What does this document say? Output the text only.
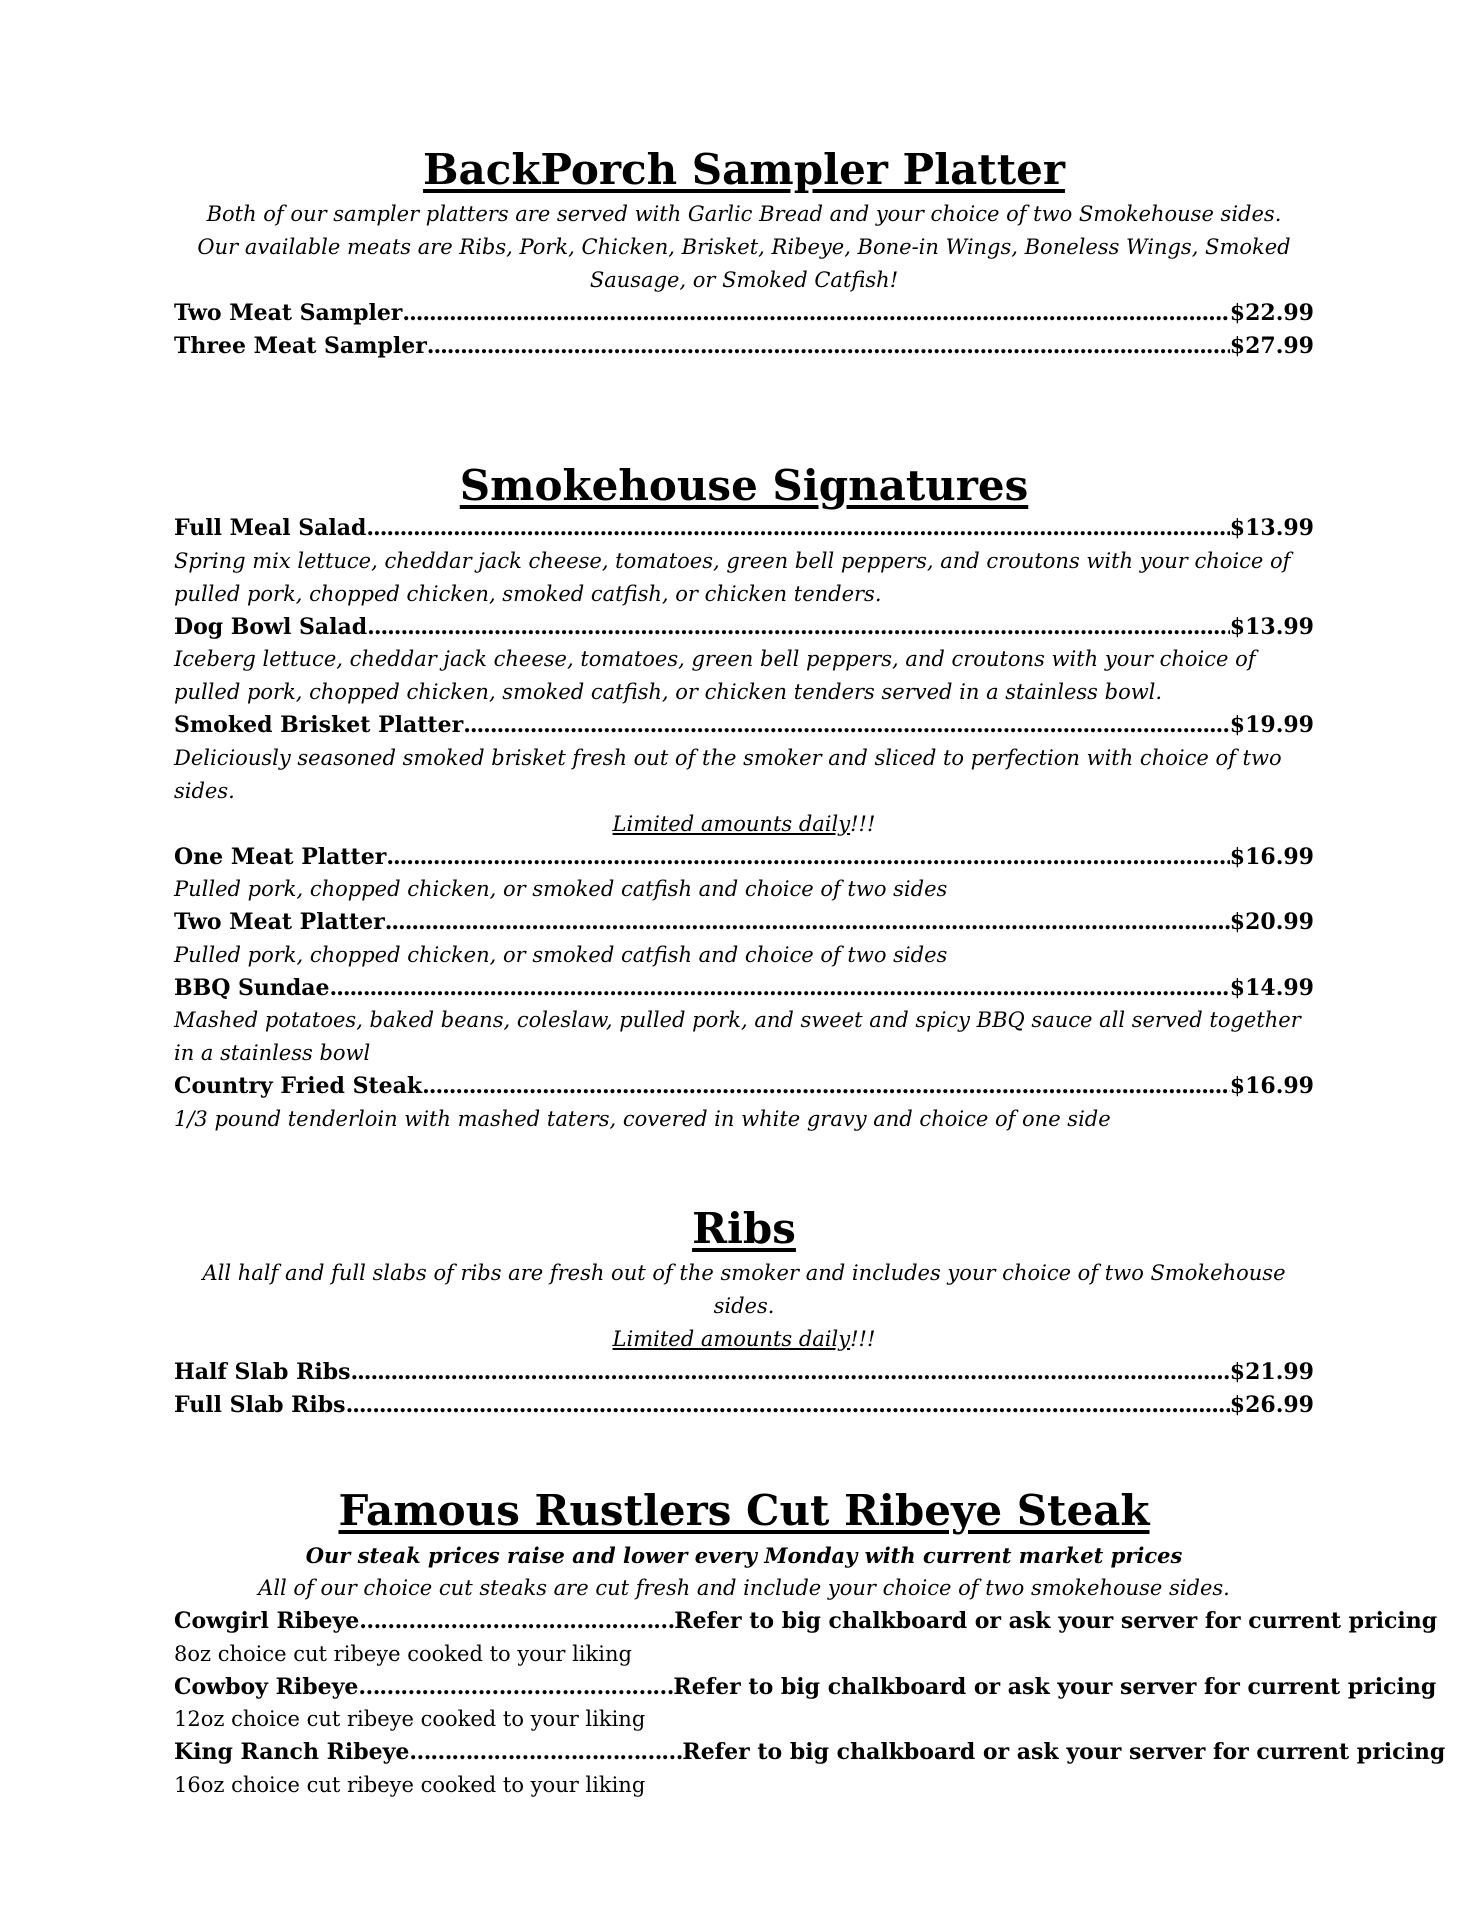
BackPorch Sampler Platter
Both of our sampler platters are served with Garlic Bread and your choice of two Smokehouse sides. Our available meats are Ribs, Pork, Chicken, Brisket, Ribeye, Bone-in Wings, Boneless Wings, Smoked Sausage, or Smoked Catfish!
Two Meat Sampler .....	$22.99
Three Meat Sampler .....	$27.99
Smokehouse Signatures
Full Meal Salad .....	$13.99
Spring mix lettuce, cheddar jack cheese, tomatoes, green bell peppers, and croutons with your choice of pulled pork, chopped chicken, smoked catfish, or chicken tenders.
Dog Bowl Salad .....	$13.99
Iceberg lettuce, cheddar jack cheese, tomatoes, green bell peppers, and croutons with your choice of pulled pork, chopped chicken, smoked catfish, or chicken tenders served in a stainless bowl.
Smoked Brisket Platter .....	$19.99
Deliciously seasoned smoked brisket fresh out of the smoker and sliced to perfection with choice of two sides.
Limited amounts daily!!!
One Meat Platter .....	$16.99
Pulled pork, chopped chicken, or smoked catfish and choice of two sides
Two Meat Platter .....	$20.99
Pulled pork, chopped chicken, or smoked catfish and choice of two sides
BBQ Sundae .....	$14.99
Mashed potatoes, baked beans, coleslaw, pulled pork, and sweet and spicy BBQ sauce all served together in a stainless bowl
Country Fried Steak .....	$16.99
1/3 pound tenderloin with mashed taters, covered in white gravy and choice of one side
Ribs
All half and full slabs of ribs are fresh out of the smoker and includes your choice of two Smokehouse sides.
Limited amounts daily!!!
Half Slab Ribs .....	$21.99
Full Slab Ribs .....	$26.99
Famous Rustlers Cut Ribeye Steak
Our steak prices raise and lower every Monday with current market prices
All of our choice cut steaks are cut fresh and include your choice of two smokehouse sides.
Cowgirl Ribeye ……………………………………… Refer to big chalkboard or ask your server for current pricing
8oz choice cut ribeye cooked to your liking
Cowboy Ribeye ……………………………………… Refer to big chalkboard or ask your server for current pricing
12oz choice cut ribeye cooked to your liking
King Ranch Ribeye ………………………………… Refer to big chalkboard or ask your server for current pricing
16oz choice cut ribeye cooked to your liking
